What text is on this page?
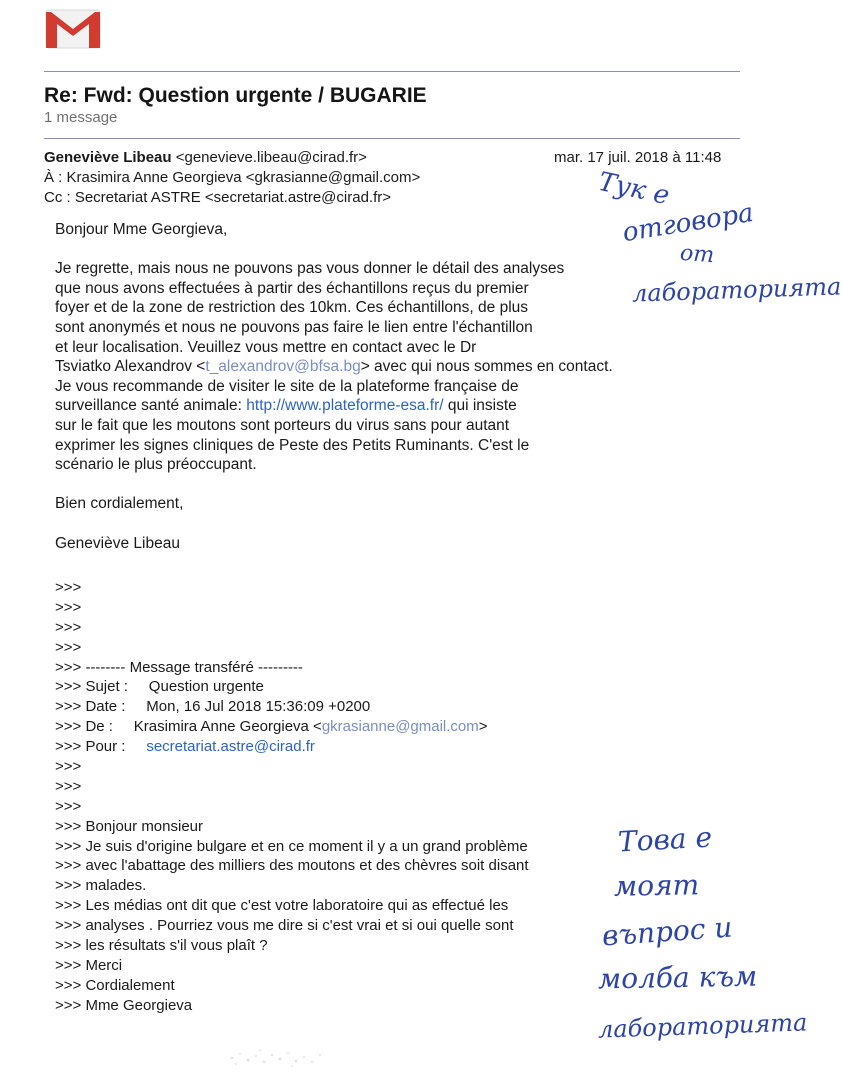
Re: Fwd: Question urgente / BUGARIE
1 message
Geneviève Libeau <genevieve.libeau@cirad.fr>	mar. 17 juil. 2018 à 11:48
À : Krasimira Anne Georgieva <gkrasianne@gmail.com>
Cc : Secretariat ASTRE <secretariat.astre@cirad.fr>

Bonjour Mme Georgieva,

Je regrette, mais nous ne pouvons pas vous donner le détail des analyses
que nous avons effectuées à partir des échantillons reçus du premier
foyer et de la zone de restriction des 10km. Ces échantillons, de plus
sont anonymés et nous ne pouvons pas faire le lien entre l'échantillon
et leur localisation. Veuillez vous mettre en contact avec le Dr
Tsviatko Alexandrov <t_alexandrov@bfsa.bg> avec qui nous sommes en contact.
Je vous recommande de visiter le site de la plateforme française de
surveillance santé animale: http://www.plateforme-esa.fr/ qui insiste
sur le fait que les moutons sont porteurs du virus sans pour autant
exprimer les signes cliniques de Peste des Petits Ruminants. C'est le
scénario le plus préoccupant.

Bien cordialement,

Geneviève Libeau

>>>
>>>
>>>
>>>
>>> -------- Message transféré ---------
>>> Sujet :     Question urgente
>>> Date :     Mon, 16 Jul 2018 15:36:09 +0200
>>> De :     Krasimira Anne Georgieva <gkrasianne@gmail.com>
>>> Pour :     secretariat.astre@cirad.fr
>>>
>>>
>>>
>>> Bonjour monsieur
>>> Je suis d'origine bulgare et en ce moment il y a un grand problème
>>> avec l'abattage des milliers des moutons et des chèvres soit disant
>>> malades.
>>> Les médias ont dit que c'est votre laboratoire qui as effectué les
>>> analyses . Pourriez vous me dire si c'est vrai et si oui quelle sont
>>> les résultats s'il vous plaît ?
>>> Merci
>>> Cordialement
>>> Mme Georgieva
Тук е
отговора
от
лабораторията
Това е
моят
въпрос и
молба към
лабораторията
